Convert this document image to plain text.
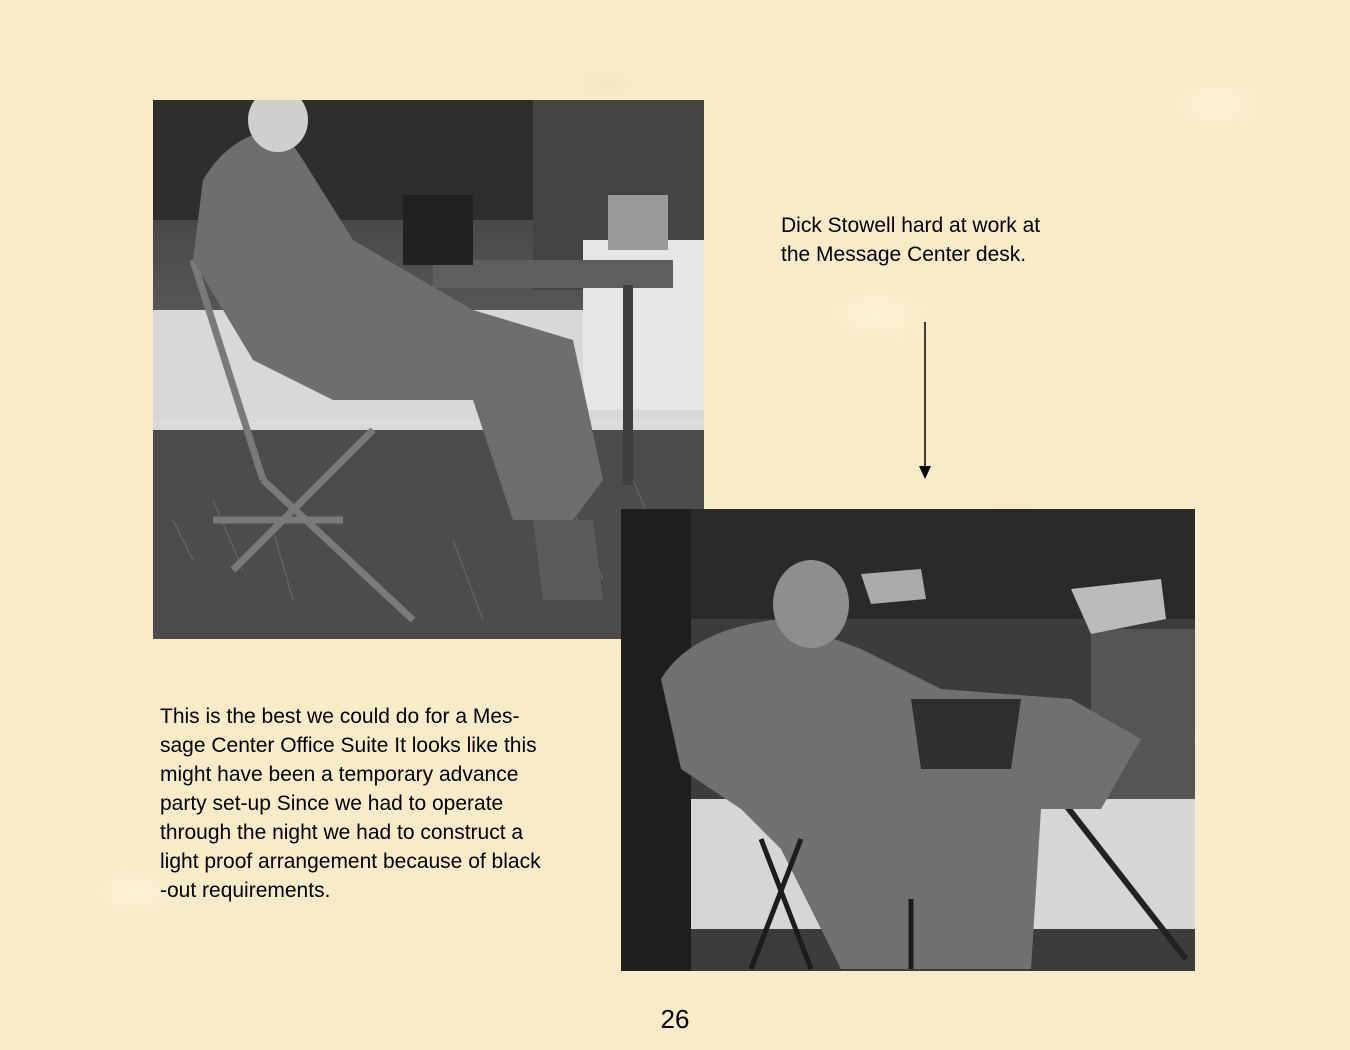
Dick Stowell hard at work at
the Message Center desk.
This is the best we could do for a Mes-
sage Center Office Suite It looks like this
might have been a temporary advance
party set-up Since we had to operate
through the night we had to construct a
light proof arrangement because of black
-out requirements.
26
